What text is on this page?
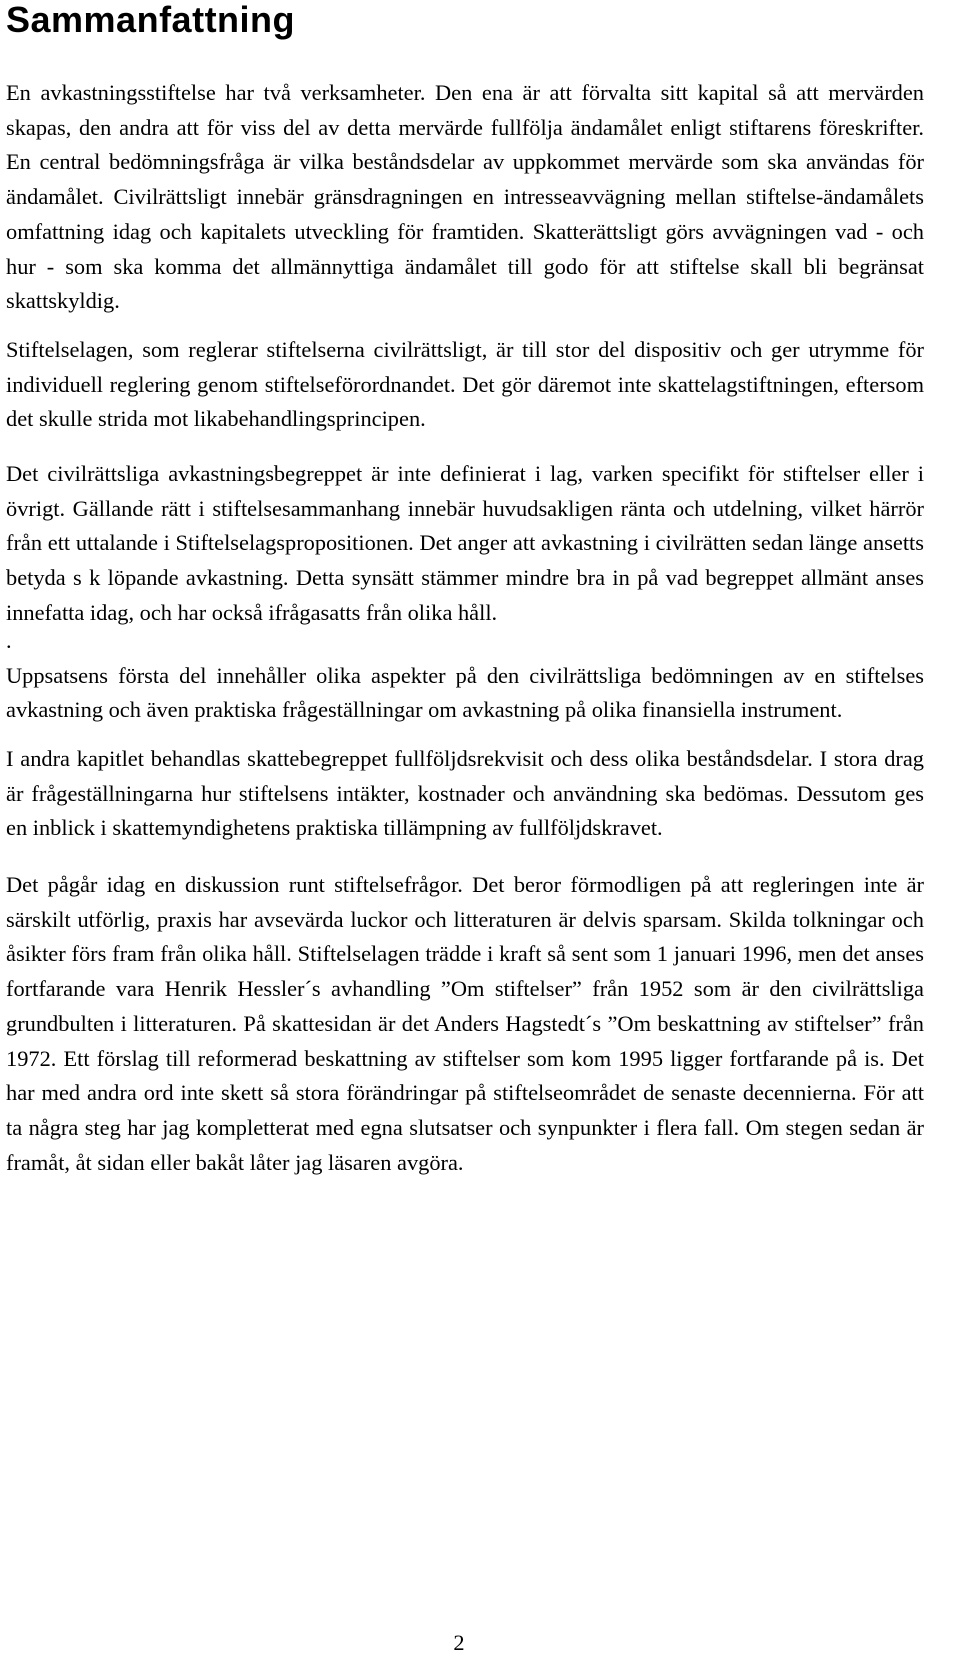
Sammanfattning

En avkastningsstiftelse har två verksamheter. Den ena är att förvalta sitt kapital så att mervärden skapas, den andra att för viss del av detta mervärde fullfölja ändamålet enligt stiftarens föreskrifter. En central bedömningsfråga är vilka beståndsdelar av uppkommet mervärde som ska användas för ändamålet. Civilrättsligt innebär gränsdragningen en intresseavvägning mellan stiftelse-ändamålets omfattning idag och kapitalets utveckling för framtiden. Skatterättsligt görs avvägningen vad - och hur - som ska komma det allmännyttiga ändamålet till godo för att stiftelse skall bli begränsat skattskyldig.

Stiftelselagen, som reglerar stiftelserna civilrättsligt, är till stor del dispositiv och ger utrymme för individuell reglering genom stiftelseförordnandet. Det gör däremot inte skattelagstiftningen, eftersom det skulle strida mot likabehandlingsprincipen.

Det civilrättsliga avkastningsbegreppet är inte definierat i lag, varken specifikt för stiftelser eller i övrigt. Gällande rätt i stiftelsesammanhang innebär huvudsakligen ränta och utdelning, vilket härrör från ett uttalande i Stiftelselagspropositionen. Det anger att avkastning i civilrätten sedan länge ansetts betyda s k löpande avkastning. Detta synsätt stämmer mindre bra in på vad begreppet allmänt anses innefatta idag, och har också ifrågasatts från olika håll.

.

Uppsatsens första del innehåller olika aspekter på den civilrättsliga bedömningen av en stiftelses avkastning och även praktiska frågeställningar om avkastning på olika finansiella instrument.

I andra kapitlet behandlas skattebegreppet fullföljdsrekvisit och dess olika beståndsdelar. I stora drag är frågeställningarna hur stiftelsens intäkter, kostnader och användning ska bedömas. Dessutom ges en inblick i skattemyndighetens praktiska tillämpning av fullföljdskravet.

Det pågår idag en diskussion runt stiftelsefrågor. Det beror förmodligen på att regleringen inte är särskilt utförlig, praxis har avsevärda luckor och litteraturen är delvis sparsam. Skilda tolkningar och åsikter förs fram från olika håll. Stiftelselagen trädde i kraft så sent som 1 januari 1996, men det anses fortfarande vara Henrik Hessler´s avhandling ”Om stiftelser” från 1952 som är den civilrättsliga grundbulten i litteraturen. På skattesidan är det Anders Hagstedt´s ”Om beskattning av stiftelser” från 1972. Ett förslag till reformerad beskattning av stiftelser som kom 1995 ligger fortfarande på is. Det har med andra ord inte skett så stora förändringar på stiftelseområdet de senaste decennierna. För att ta några steg har jag kompletterat med egna slutsatser och synpunkter i flera fall. Om stegen sedan är framåt, åt sidan eller bakåt låter jag läsaren avgöra.

2
